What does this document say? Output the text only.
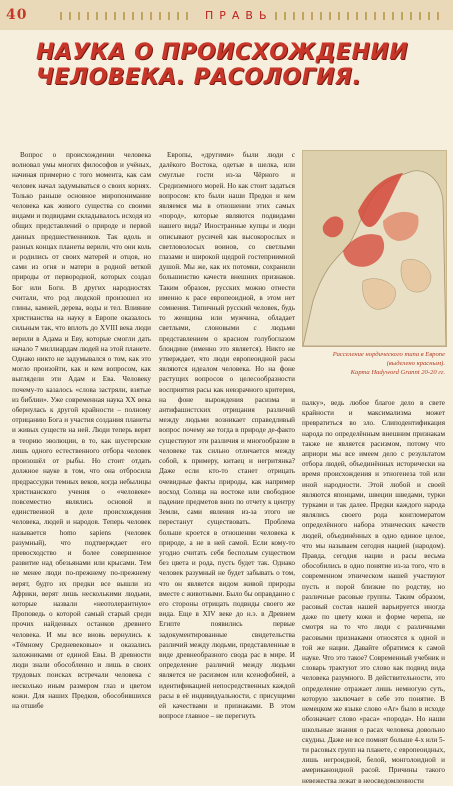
40	ПРАВЬ
НАУКА О ПРОИСХОЖДЕНИИ
ЧЕЛОВЕКА. РАСОЛОГИЯ.

Вопрос о происхождении человека волновал умы многих философов и учёных, начиная примерно с того момента, как сам человек начал задумываться о своих корнях. Только раньше основное миропонимание человека как живого существа со своими видами и подвидами складывалось исходя из общих представлений о природе и первой данных предшественников. Так вдоль и разных концах планеты верили, что они коль и родились от своих матерей и отцов, но сами из огня и матери в родной веткой природы от первородной, которых создал Бог или Боги. В других народностях считали, что род людской произошел из глины, камней, дерева, воды и тел. Влияние христианства на науку в Европе оказалось сильным так, что вплоть до XVIII века люди верили в Адама и Еву, которые смогли дать начало 7 миллиардам людей на этой планете. Однако никто не задумывался о том, как это могло произойти, как и кем вопросом, как выглядели эти Адам и Ева. Человеку почему-то казалось «слова застряли, взятые из библии». Уже современная наука XX века обернулась к другой крайности – полному отрицанию Бога и участия создания планеты и живых существ на ней. Люди теперь верят в теорию эволюции, в то, как шустерские лишь одного естественного отбора человек произошёл от рыбы. Но стоит отдать должное науке в том, что она отбросила предрассудки темных веков, когда небылицы христианского учения о «человеке» повсеместно являлись основой и единственной в деле происхождения человека, людей и народов. Теперь человек называется homo sapiens (человек разумный), что подтверждает его превосходство и более совершенное развитие над обезьянами или крысами. Тем не менее люди по-прежнему по-прежнему верят, будто их предки все вышли из Африки, верят лишь несколькими людьми, которые назвали «неотолерантную» Проповедь о которой самый старый среди прочих найденных останков древнего человека. И мы все вновь вернулись к «Тёмному Средневековью» и оказались заложниками от единой Евы. В древности люди знали обособленно и лишь в своих трудовых поисках встречали человека с несколько иным размером глаз и цветом кожи. Для наших Предков, обособившихся на отшибе

Европы, «другими» были люди с далёкого Востока, одетые в шелка, или смуглые гости из-за Чёрного и Средиземного морей. Но как стоит задаться вопросом: кто были наши Предки и кем являемся мы в отношении этих самых «пород», которые являются подвидами нашего вида? Иностранные купцы и люди описывают русичей как высокорослых и светловолосых воинов, со светлыми глазами и широкой щедрой гостеприимной душой. Мы же, как их потомки, сохранили большинство качеств внешних признаков. Таким образом, русских можно отнести именно к расе европеоидной, в этом нет сомнения. Типичный русский человек, будь то женщина или мужчина, обладает светлыми, слоновыми с людьми представлением о красном голубоглазом блондине (именно это является). Никто не утверждает, что люди европеоидной расы являются идеалом человека. Но на фоне растущих вопросов о целесообразности восприятия расы как невзрачного критерия, на фоне вырождения расизма и антифашистских отрицания различий между людьми возникает справедливый вопрос почему же тогда в природе де-факто существуют эти различия и многообразие в человеке так сильно отличается между собой, к примеру, китаец и негритянка? Даже если кто-то станет отрицать очевидные факты природы, как например восход Солнца на востоке или свободное падение предметов вниз по отчету к центру Земли, сами явления из-за этого не перестанут существовать. Проблема больше кроется в отношении человека к природе, а не в ней самой. Если кому-то угодно считать себя бесполым существом без цвета и рода, пусть будет так. Однако человек разумный не будет забывать о том, что он является видом живой природы вместе с животными. Было бы оправданно с его стороны отрицать подвиды своего же вида. Еще в XIV веке до н.э. в Древнем Египте появились первые задокументированные свидетельства различий между людьми, представленные в виде древнеобразного свода рас в мире. И определение различий между людьми является не расизмом или ксенофобией, а идентификацией непосредственных каждой расы в её индивидуальности, с присущими ей качествами и признаками. В этом вопросе главное – не перегнуть

Расселение нордического типа в Европе
(выделено красным).
Карта Hadyword Grannt 20-20 гг.

палку», ведь любое благое дело в свете крайности и максимализма может превратиться во зло. Слиподентификация народа по определённым внешним признакам также не является расизмом, потому что априори мы все имеем дело с результатом отбора людей, объединённых исторически на время происхождения и этногенеза той или иной народности. Этой любой и своей являются японцами, швеции шведами, турки турками и так далее. Предки каждого народа являлись своего рода конгломератом определённого набора этнических качеств людей, объединённых в одно единое целое, что мы называем сегодня нацией (народом). Правда, сегодня нации и расы весьма обособились в одно понятие из-за того, что в современном этническом нашей участвуют пусть и порой близкие по родству, но различные расовые группы. Таким образом, расовый состав нашей варьируется иногда даже по цвету кожи и форме черепа, не смотря на то что люди с различными расовыми признаками относятся к одной и той же нации. Давайте обратимся к самой науке. Что это такое? Современный учебник и словарь трактуют это слово как подвид вида человека разумного. В действительности, это определение отражает лишь немногую суть, которую заключает в себе это понятие. В немецком же языке слово «Ar» было в исходе обозначает слово «раса» «порода». Но наши школьные знания о расах человека довольно скудны. Даже не все помнят больше 4-х или 5-ти расовых групп на планете, с европеоидных, лишь негроидной, белой, монголоидной и американоидной расой. Причины такого невежества лежат в неосведомленности
